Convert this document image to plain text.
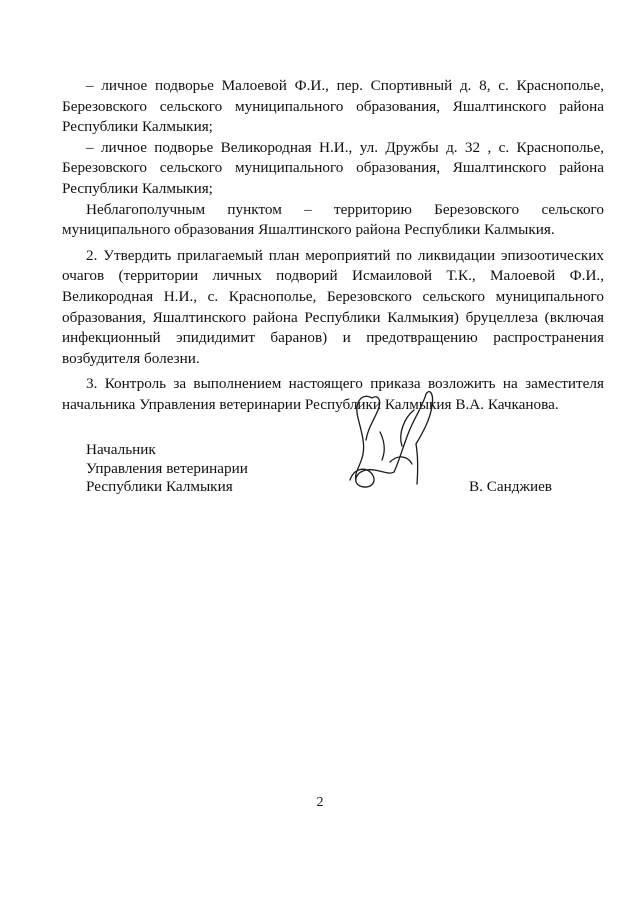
– личное подворье Малоевой Ф.И., пер. Спортивный д. 8, с. Краснополье, Березовского сельского муниципального образования, Яшалтинского района Республики Калмыкия;

– личное подворье Великородная Н.И., ул. Дружбы д. 32 , с. Краснополье, Березовского сельского муниципального образования, Яшалтинского района Республики Калмыкия;

Неблагополучным пунктом – территорию Березовского сельского муниципального образования Яшалтинского района Республики Калмыкия.

2. Утвердить прилагаемый план мероприятий по ликвидации эпизоотических очагов (территории личных подворий Исмаиловой Т.К., Малоевой Ф.И., Великородная Н.И., с. Краснополье, Березовского сельского муниципального образования, Яшалтинского района Республики Калмыкия) бруцеллеза (включая инфекционный эпидидимит баранов) и предотвращению распространения возбудителя болезни.

3. Контроль за выполнением настоящего приказа возложить на заместителя начальника Управления ветеринарии Республики Калмыкия В.А. Качканова.

Начальник
Управления ветеринарии
Республики Калмыкия	В. Санджиев
2
